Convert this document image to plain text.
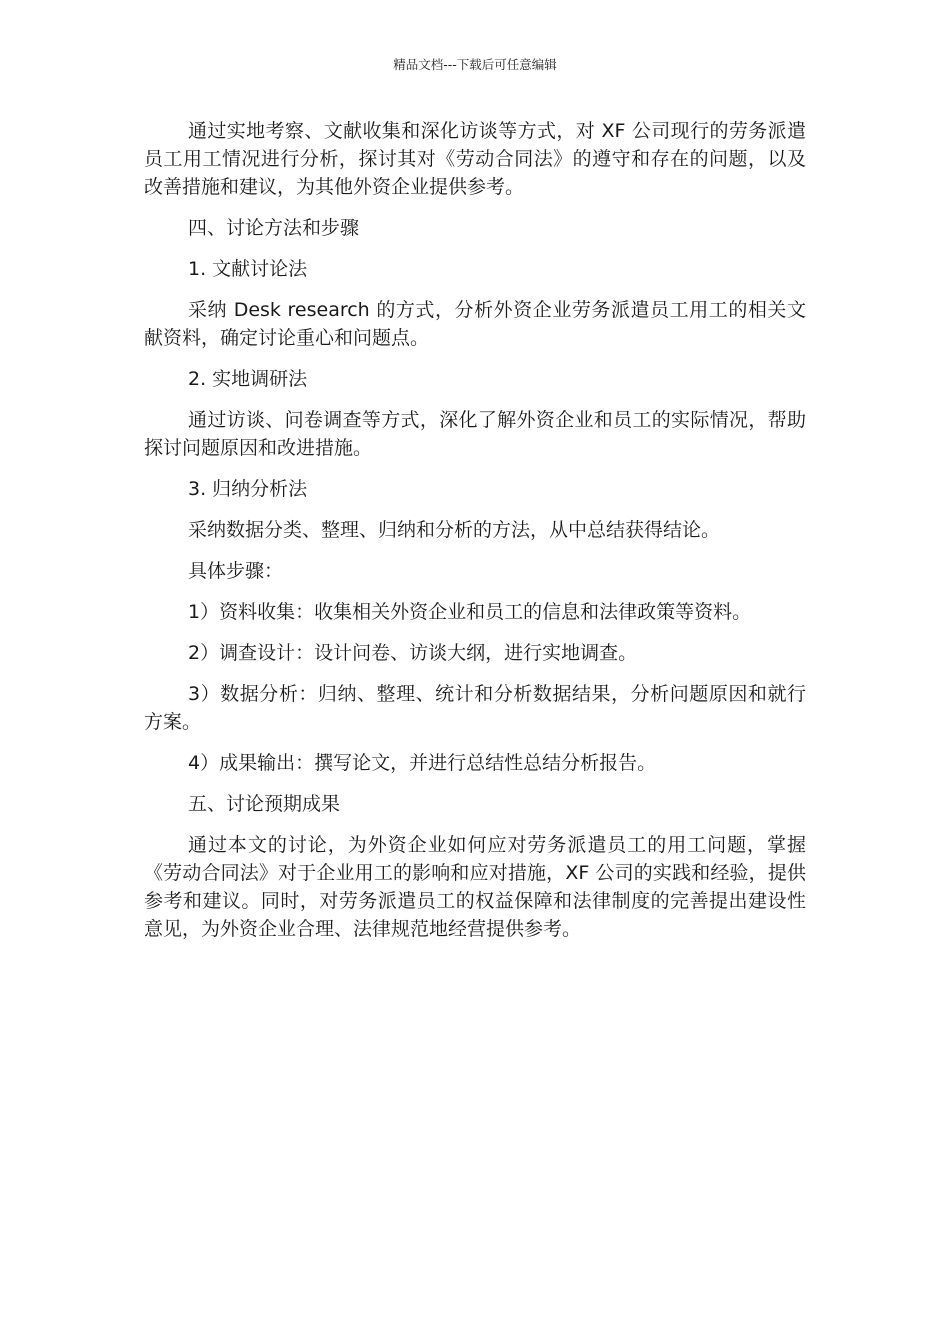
精品文档---下载后可任意编辑

通过实地考察、文献收集和深化访谈等方式，对 XF 公司现行的劳务派遣员工用工情况进行分析，探讨其对《劳动合同法》的遵守和存在的问题，以及改善措施和建议，为其他外资企业提供参考。

四、讨论方法和步骤

1. 文献讨论法

采纳 Desk research 的方式，分析外资企业劳务派遣员工用工的相关文献资料，确定讨论重心和问题点。

2. 实地调研法

通过访谈、问卷调查等方式，深化了解外资企业和员工的实际情况，帮助探讨问题原因和改进措施。

3. 归纳分析法

采纳数据分类、整理、归纳和分析的方法，从中总结获得结论。

具体步骤：

1）资料收集：收集相关外资企业和员工的信息和法律政策等资料。

2）调查设计：设计问卷、访谈大纲，进行实地调查。

3）数据分析：归纳、整理、统计和分析数据结果，分析问题原因和就行方案。

4）成果输出：撰写论文，并进行总结性总结分析报告。

五、讨论预期成果

通过本文的讨论，为外资企业如何应对劳务派遣员工的用工问题，掌握《劳动合同法》对于企业用工的影响和应对措施，XF 公司的实践和经验，提供参考和建议。同时，对劳务派遣员工的权益保障和法律制度的完善提出建设性意见，为外资企业合理、法律规范地经营提供参考。
